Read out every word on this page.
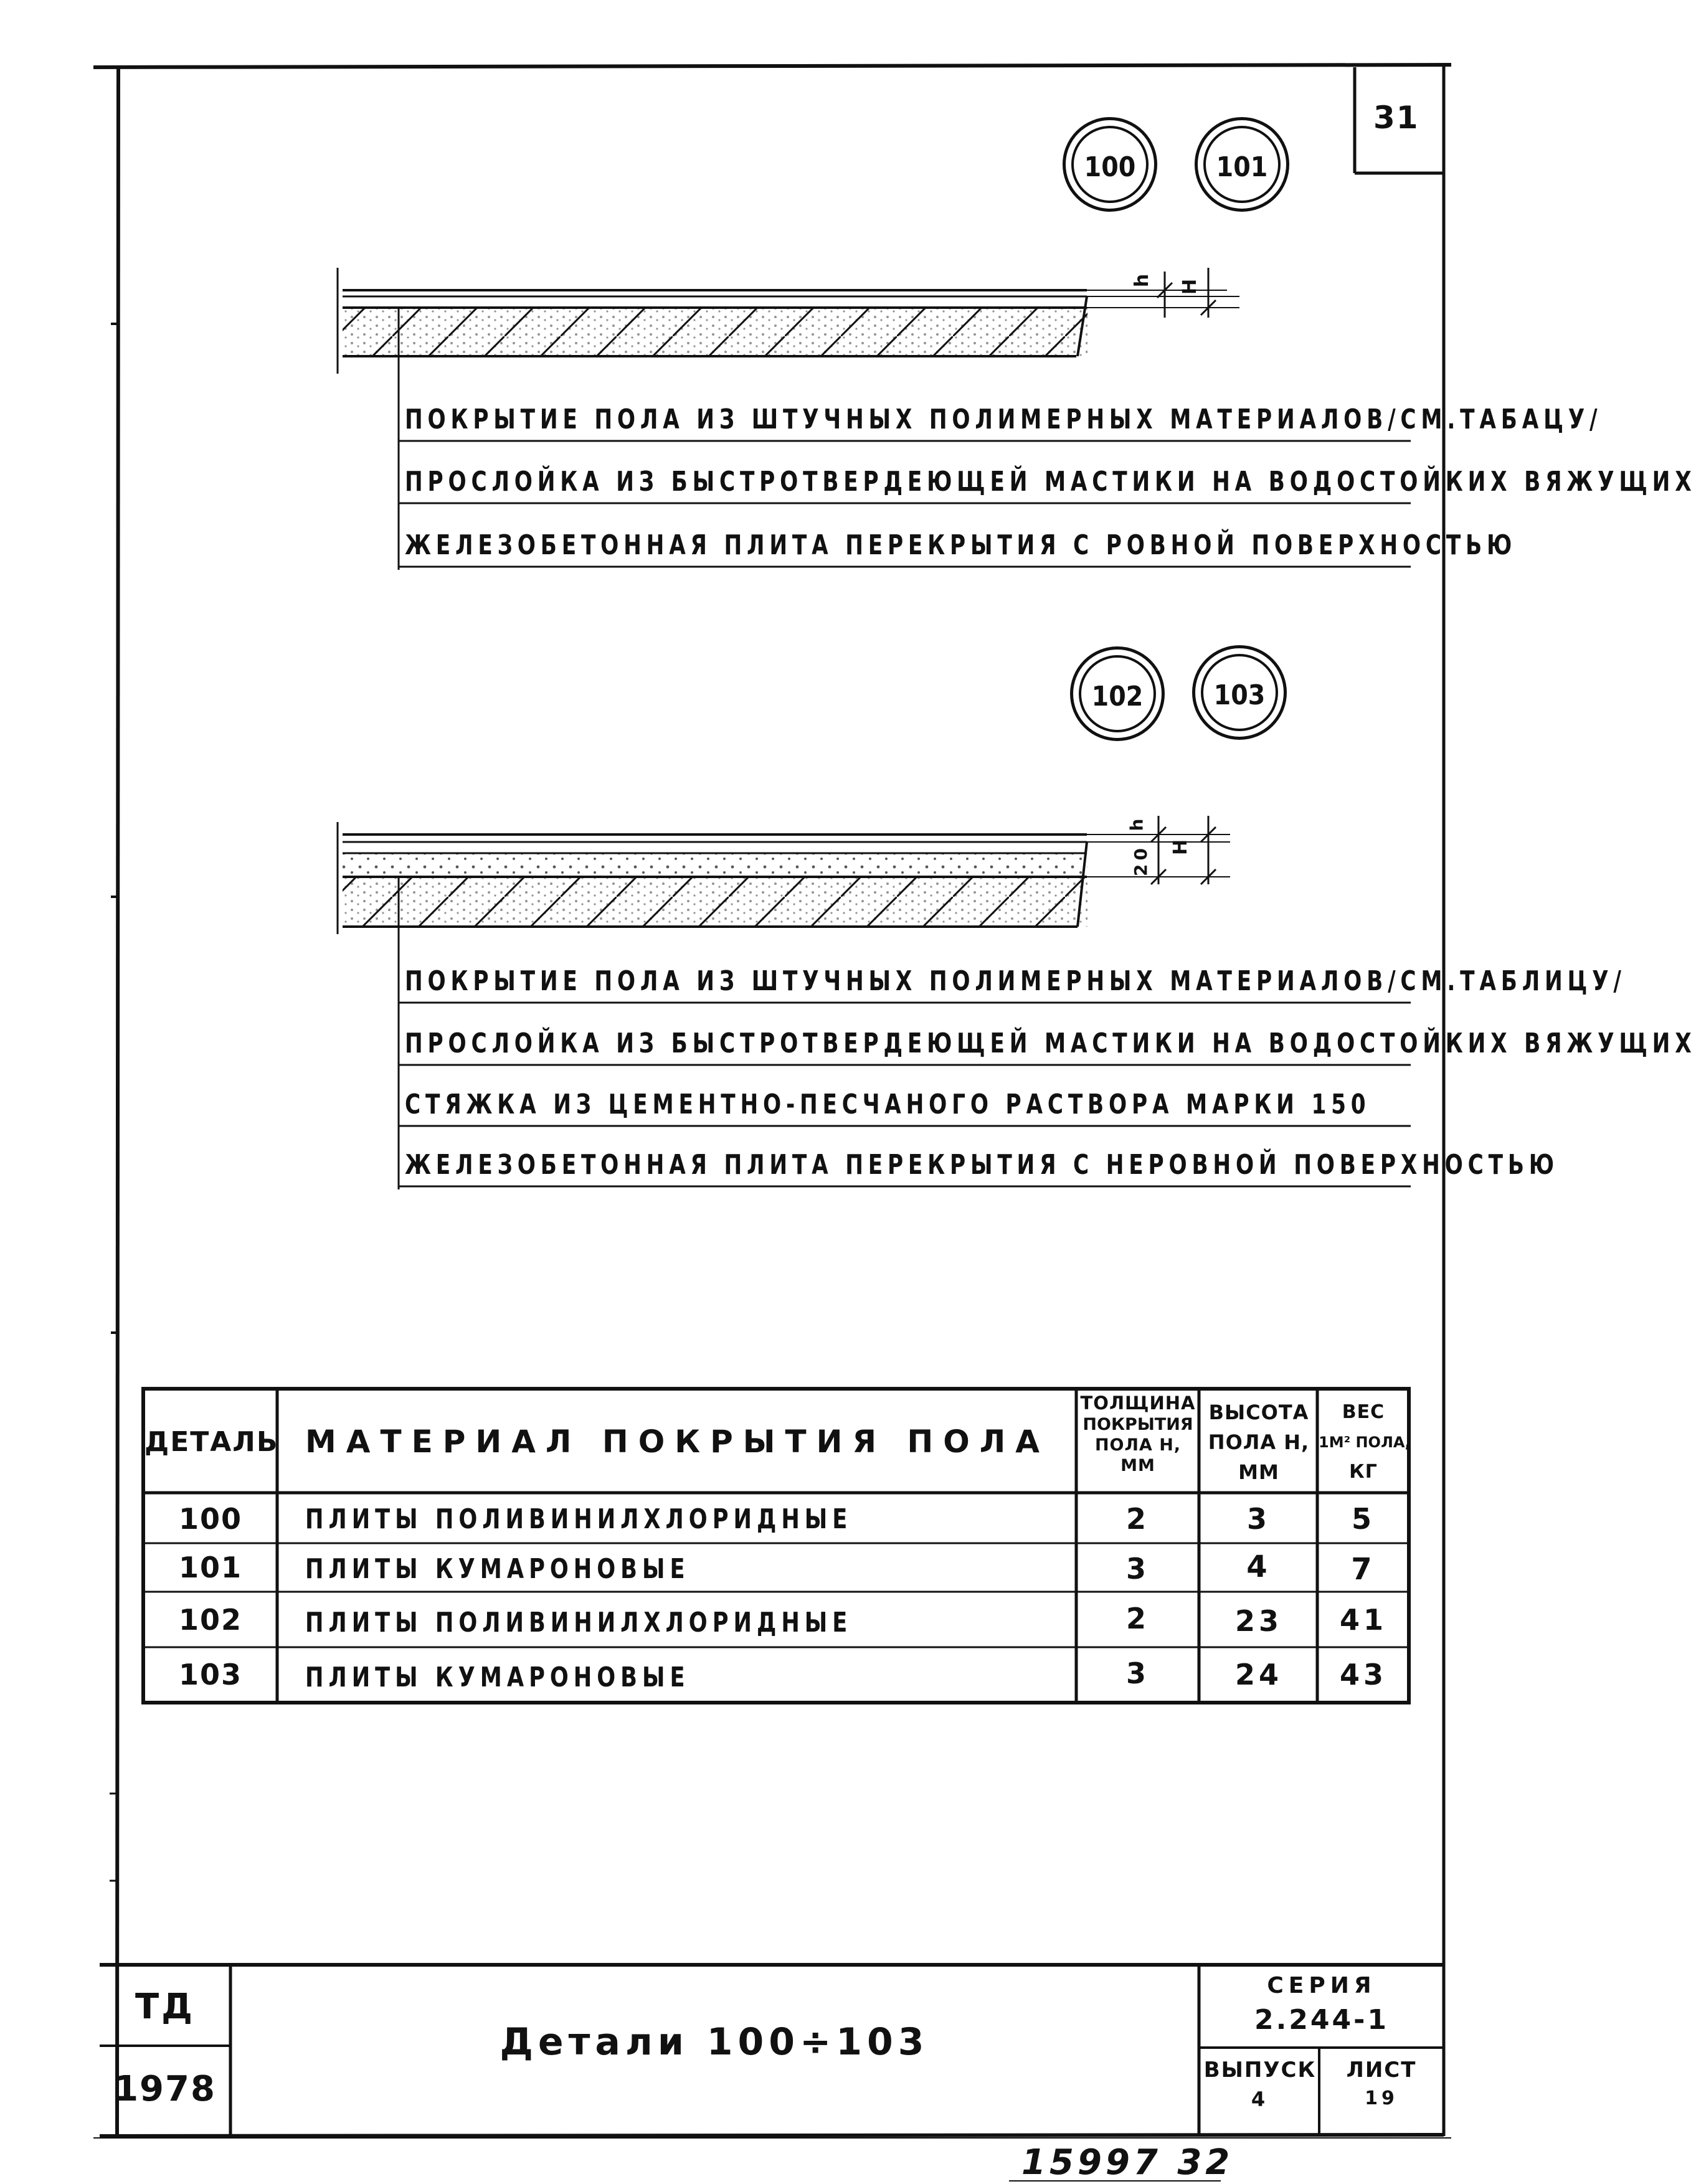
31
100	101
h H
ПОКРЫТИЕ ПОЛА ИЗ ШТУЧНЫХ ПОЛИМЕРНЫХ МАТЕРИАЛОВ/СМ.ТАБАЦУ/
ПРОСЛОЙКА ИЗ БЫСТРОТВЕРДЕЮЩЕЙ МАСТИКИ НА ВОДОСТОЙКИХ ВЯЖУЩИХ
ЖЕЛЕЗОБЕТОННАЯ ПЛИТА ПЕРЕКРЫТИЯ С РОВНОЙ ПОВЕРХНОСТЬЮ
102	103
h
20 H
ПОКРЫТИЕ ПОЛА ИЗ ШТУЧНЫХ ПОЛИМЕРНЫХ МАТЕРИАЛОВ/СМ.ТАБЛИЦУ/
ПРОСЛОЙКА ИЗ БЫСТРОТВЕРДЕЮЩЕЙ МАСТИКИ НА ВОДОСТОЙКИХ ВЯЖУЩИХ
СТЯЖКА ИЗ ЦЕМЕНТНО-ПЕСЧАНОГО РАСТВОРА МАРКИ 150
ЖЕЛЕЗОБЕТОННАЯ ПЛИТА ПЕРЕКРЫТИЯ С НЕРОВНОЙ ПОВЕРХНОСТЬЮ
ДЕТАЛЬ МАТЕРИАЛ ПОКРЫТИЯ ПОЛА
ТОЛЩИНА
ПОКРЫТИЯ
ПОЛА H,
ММ
ВЫСОТА
ПОЛА H,
ММ
ВЕС
1М² ПОЛА,
КГ
100	ПЛИТЫ ПОЛИВИНИЛХЛОРИДНЫЕ	2	3	5
101	ПЛИТЫ КУМАРОНОВЫЕ	3	4	7
102	ПЛИТЫ ПОЛИВИНИЛХЛОРИДНЫЕ	2	23	41
103	ПЛИТЫ КУМАРОНОВЫЕ	3	24	43
ТД
1978
Детали 100÷103
СЕРИЯ
2.244-1
ВЫПУСК
4
ЛИСТ
19
15997 32
